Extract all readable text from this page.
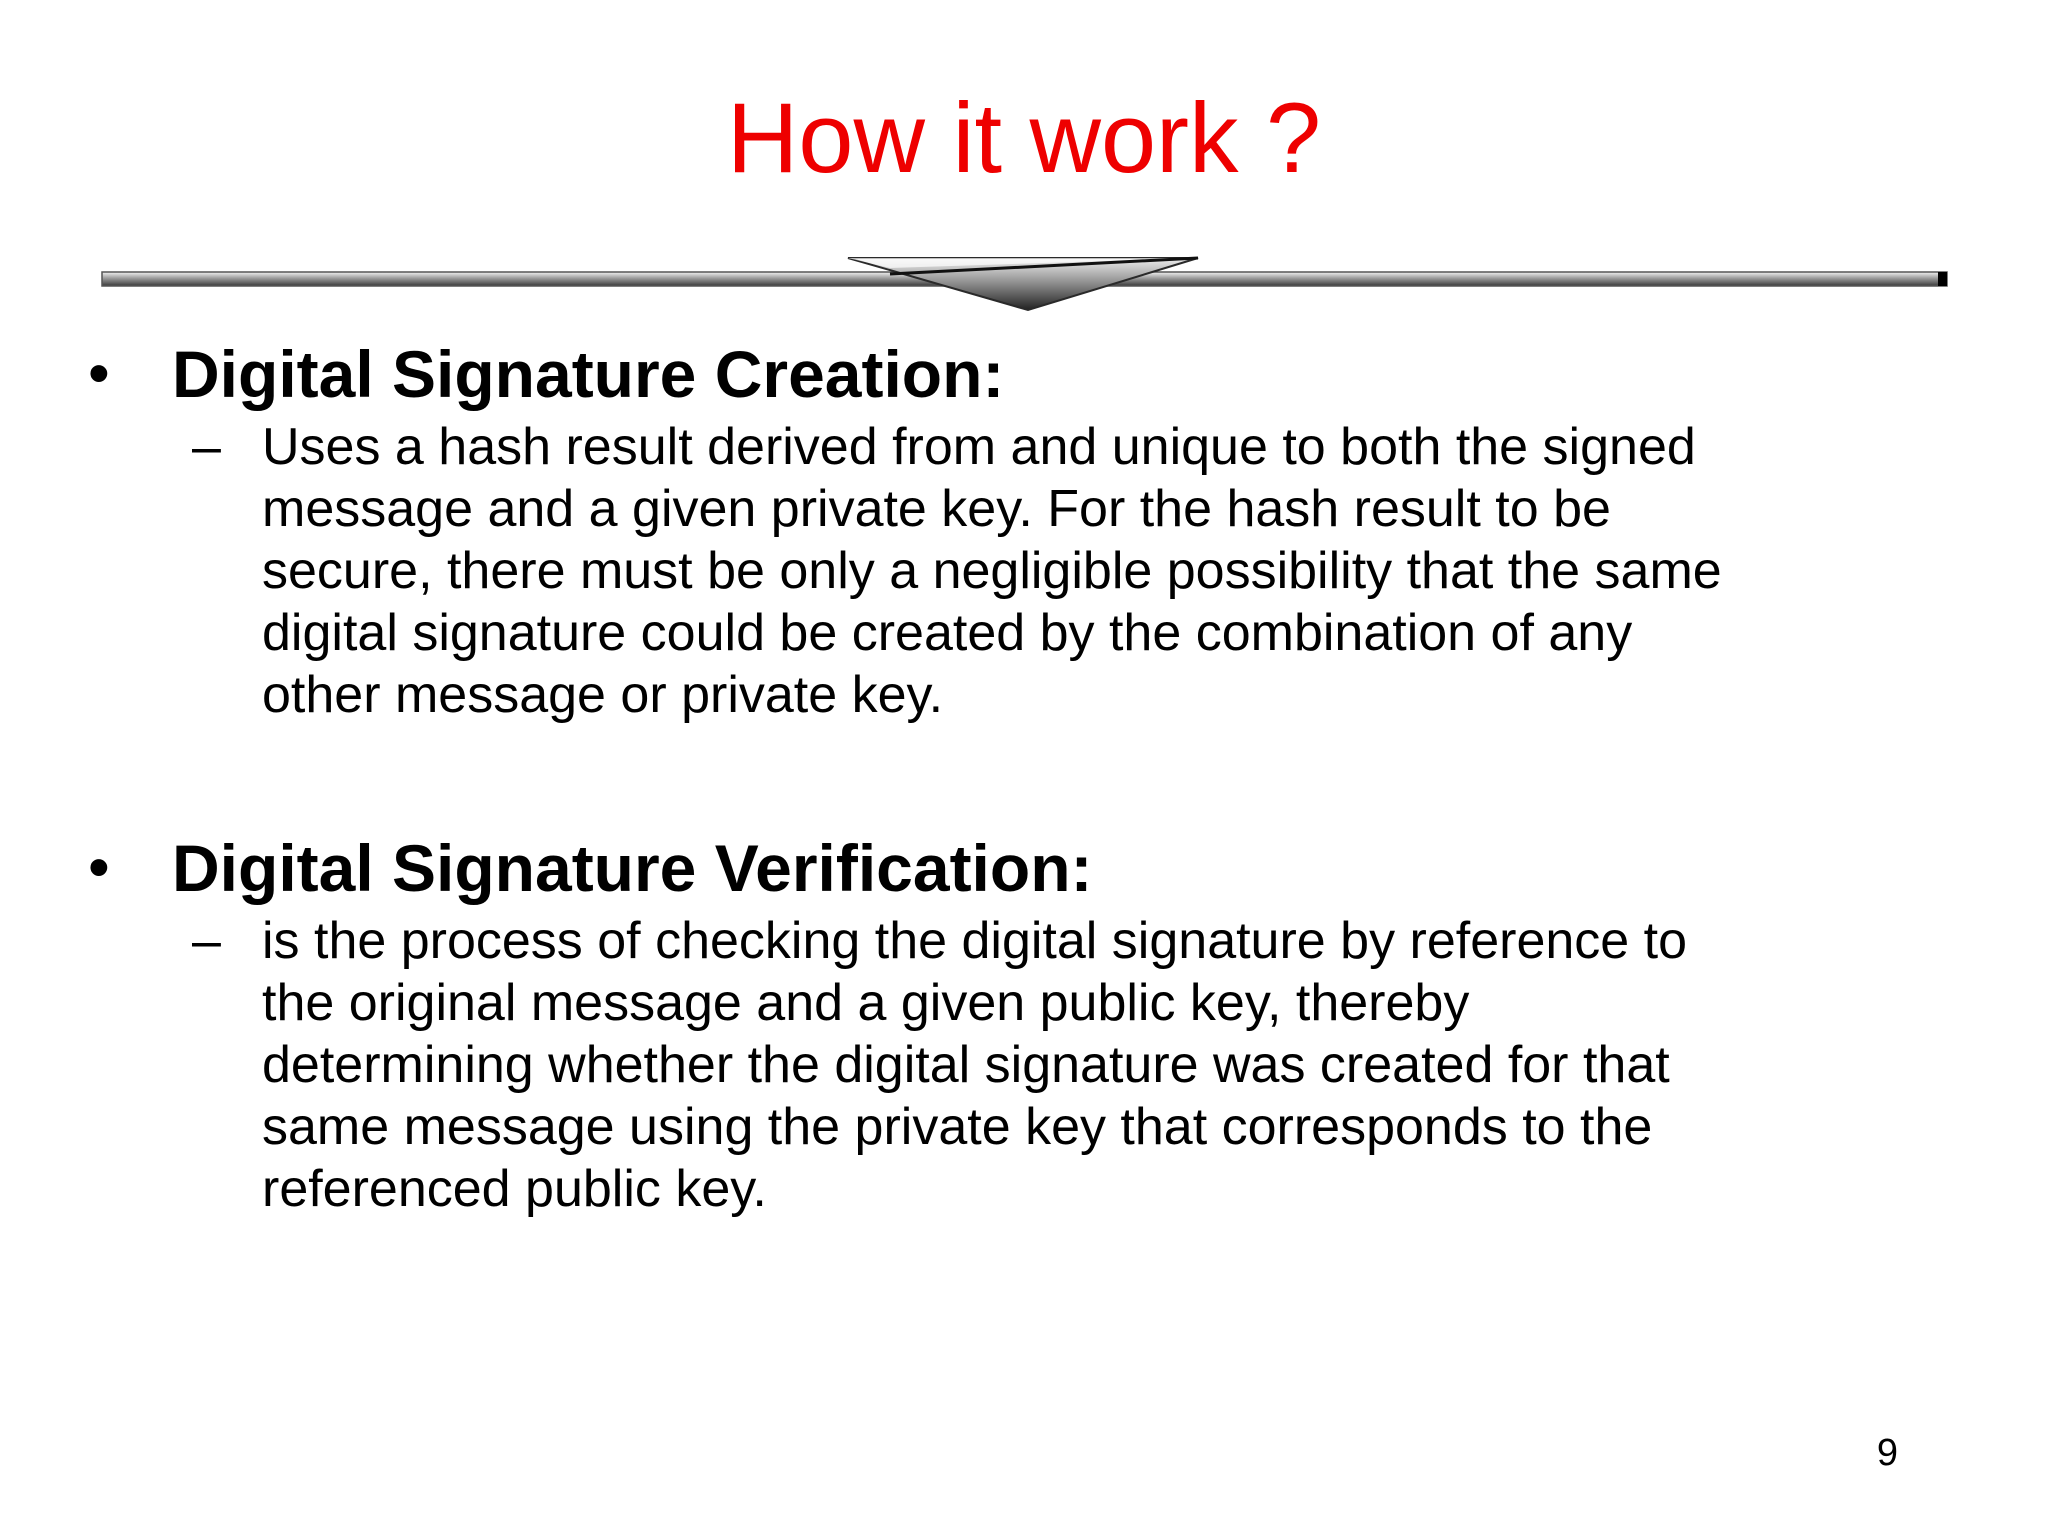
How it work ?
• Digital Signature Creation:
– Uses a hash result derived from and unique to both the signed
message and a given private key. For the hash result to be
secure, there must be only a negligible possibility that the same
digital signature could be created by the combination of any
other message or private key.
• Digital Signature Verification:
– is the process of checking the digital signature by reference to
the original message and a given public key, thereby
determining whether the digital signature was created for that
same message using the private key that corresponds to the
referenced public key.
9
